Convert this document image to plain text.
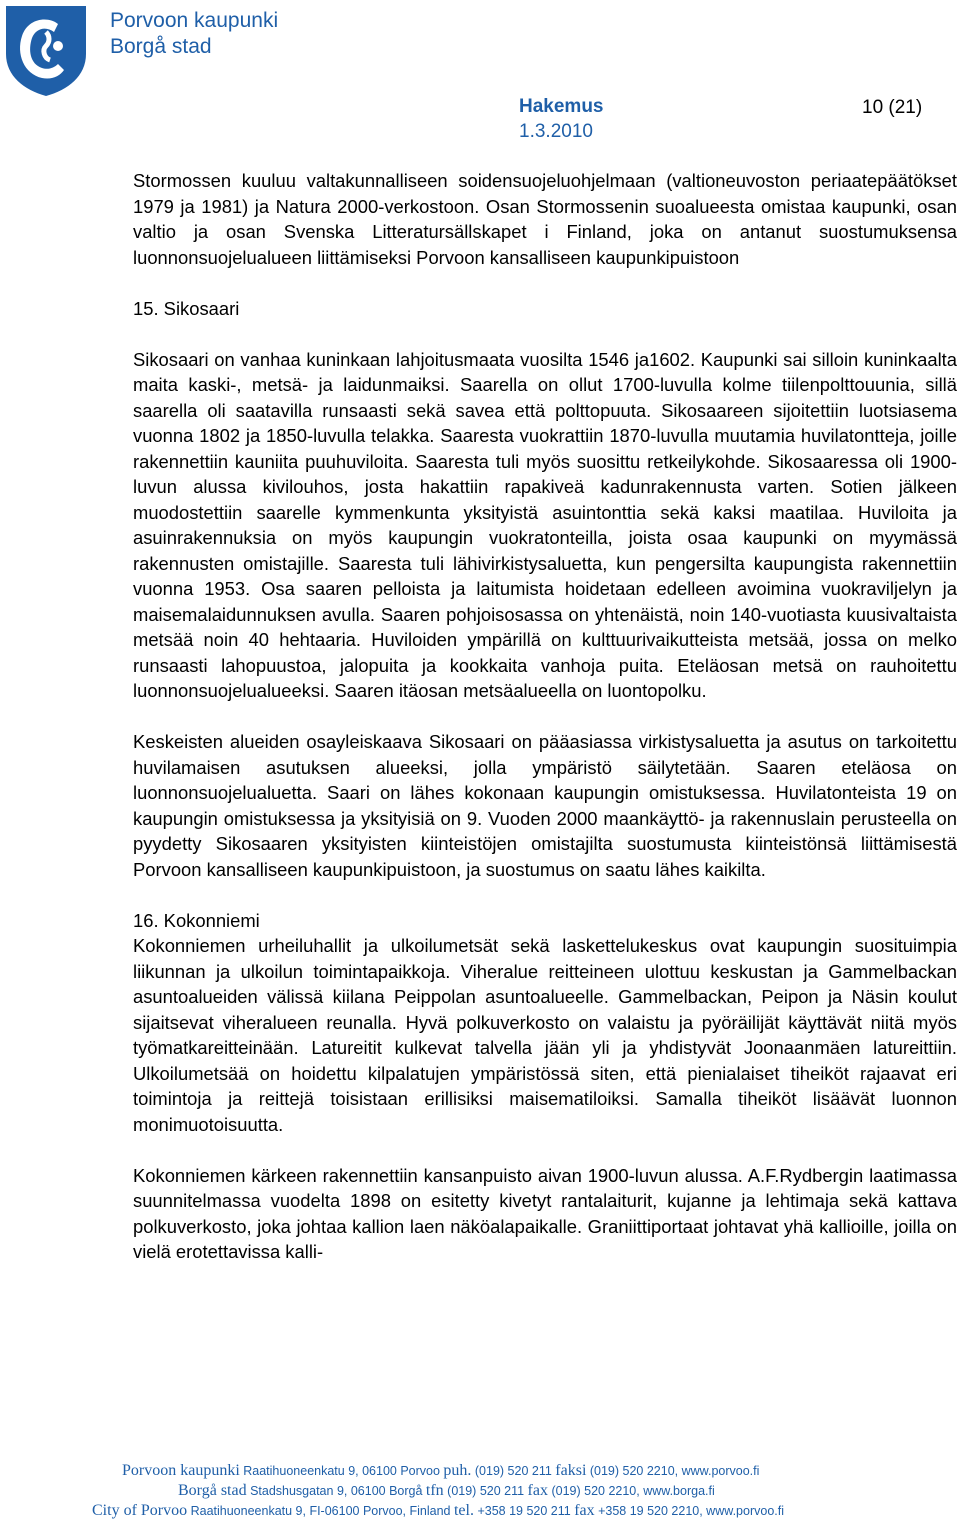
Porvoon kaupunki
Borgå stad
Hakemus	10 (21)
1.3.2010

Stormossen kuuluu valtakunnalliseen soidensuojeluohjelmaan (valtioneuvoston periaatepäätökset 1979 ja 1981) ja Natura 2000-verkostoon. Osan Stormossenin suoalueesta omistaa kaupunki, osan valtio ja osan Svenska Litteratursällskapet i Finland, joka on antanut suostumuksensa luonnonsuojelualueen liittämiseksi Porvoon kansalliseen kaupunkipuistoon

15. Sikosaari

Sikosaari on vanhaa kuninkaan lahjoitusmaata vuosilta 1546 ja1602. Kaupunki sai silloin kuninkaalta maita kaski-, metsä- ja laidunmaiksi. Saarella on ollut 1700-luvulla kolme tiilenpolttouunia, sillä saarella oli saatavilla runsaasti sekä savea että polttopuuta. Sikosaareen sijoitettiin luotsiasema vuonna 1802 ja 1850-luvulla telakka. Saaresta vuokrattiin 1870-luvulla muutamia huvilatontteja, joille rakennettiin kauniita puuhuviloita. Saaresta tuli myös suosittu retkeilykohde. Sikosaaressa oli 1900-luvun alussa kivilouhos, josta hakattiin rapakiveä kadunrakennusta varten. Sotien jälkeen muodostettiin saarelle kymmenkunta yksityistä asuintonttia sekä kaksi maatilaa. Huviloita ja asuinrakennuksia on myös kaupungin vuokratonteilla, joista osaa kaupunki on myymässä rakennusten omistajille. Saaresta tuli lähivirkistysaluetta, kun pengersilta kaupungista rakennettiin vuonna 1953. Osa saaren pelloista ja laitumista hoidetaan edelleen avoimina vuokraviljelyn ja maisemalaidunnuksen avulla. Saaren pohjoisosassa on yhtenäistä, noin 140-vuotiasta kuusivaltaista metsää noin 40 hehtaaria. Huviloiden ympärillä on kulttuurivaikutteista metsää, jossa on melko runsaasti lahopuustoa, jalopuita ja kookkaita vanhoja puita. Eteläosan metsä on rauhoitettu luonnonsuojelualueeksi. Saaren itäosan metsäalueella on luontopolku.

Keskeisten alueiden osayleiskaava Sikosaari on pääasiassa virkistysaluetta ja asutus on tarkoitettu huvilamaisen asutuksen alueeksi, jolla ympäristö säilytetään. Saaren eteläosa on luonnonsuojelualuetta. Saari on lähes kokonaan kaupungin omistuksessa. Huvilatonteista 19 on kaupungin omistuksessa ja yksityisiä on 9. Vuoden 2000 maankäyttö- ja rakennuslain perusteella on pyydetty Sikosaaren yksityisten kiinteistöjen omistajilta suostumusta kiinteistönsä liittämisestä Porvoon kansalliseen kaupunkipuistoon, ja suostumus on saatu lähes kaikilta.

16. Kokonniemi

Kokonniemen urheiluhallit ja ulkoilumetsät sekä laskettelukeskus ovat kaupungin suosituimpia liikunnan ja ulkoilun toimintapaikkoja. Viheralue reitteineen ulottuu keskustan ja Gammelbackan asuntoalueiden välissä kiilana Peippolan asuntoalueelle. Gammelbackan, Peipon ja Näsin koulut sijaitsevat viheralueen reunalla. Hyvä polkuverkosto on valaistu ja pyöräilijät käyttävät niitä myös työmatkareitteinään. Latureitit kulkevat talvella jään yli ja yhdistyvät Joonaanmäen latureittiin. Ulkoilumetsää on hoidettu kilpalatujen ympäristössä siten, että pienialaiset tiheiköt rajaavat eri toimintoja ja reittejä toisistaan erillisiksi maisematiloiksi. Samalla tiheiköt lisäävät luonnon monimuotoisuutta.

Kokonniemen kärkeen rakennettiin kansanpuisto aivan 1900-luvun alussa. A.F.Rydbergin laatimassa suunnitelmassa vuodelta 1898 on esitetty kivetyt rantalaiturit, kujanne ja lehtimaja sekä kattava polkuverkosto, joka johtaa kallion laen näköalapaikalle. Graniittiportaat johtavat yhä kallioille, joilla on vielä erotettavissa kalli-

Porvoon kaupunki Raatihuoneenkatu 9, 06100 Porvoo puh. (019) 520 211 faksi (019) 520 2210, www.porvoo.fi
Borgå stad Stadshusgatan 9, 06100 Borgå tfn (019) 520 211 fax (019) 520 2210, www.borga.fi
City of Porvoo Raatihuoneenkatu 9, FI-06100 Porvoo, Finland tel. +358 19 520 211 fax +358 19 520 2210, www.porvoo.fi
